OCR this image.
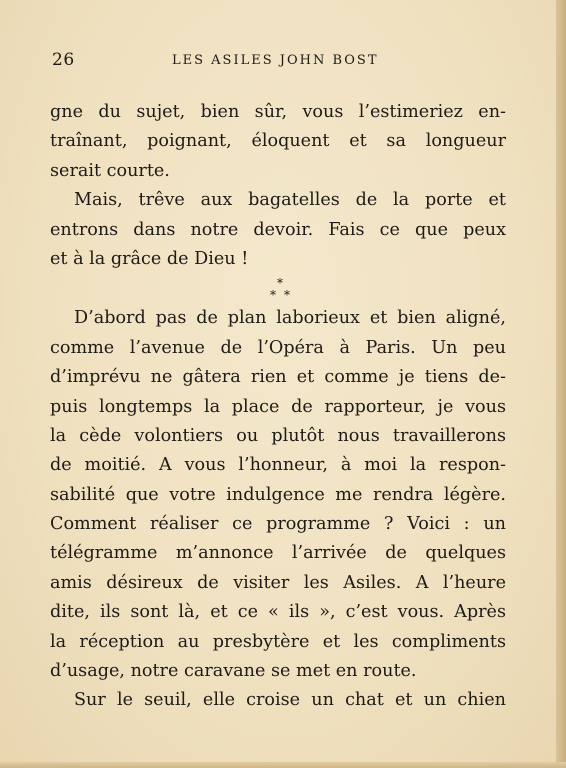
26	LES ASILES JOHN BOST
gne du sujet, bien sûr, vous l’estimeriez en-
traînant, poignant, éloquent et sa longueur
serait courte.
Mais, trêve aux bagatelles de la porte et
entrons dans notre devoir. Fais ce que peux
et à la grâce de Dieu !
*
* *
D’abord pas de plan laborieux et bien aligné,
comme l’avenue de l’Opéra à Paris. Un peu
d’imprévu ne gâtera rien et comme je tiens de-
puis longtemps la place de rapporteur, je vous
la cède volontiers ou plutôt nous travaillerons
de moitié. A vous l’honneur, à moi la respon-
sabilité que votre indulgence me rendra légère.
Comment réaliser ce programme ? Voici : un
télégramme m’annonce l’arrivée de quelques
amis désireux de visiter les Asiles. A l’heure
dite, ils sont là, et ce « ils », c’est vous. Après
la réception au presbytère et les compliments
d’usage, notre caravane se met en route.
Sur le seuil, elle croise un chat et un chien
